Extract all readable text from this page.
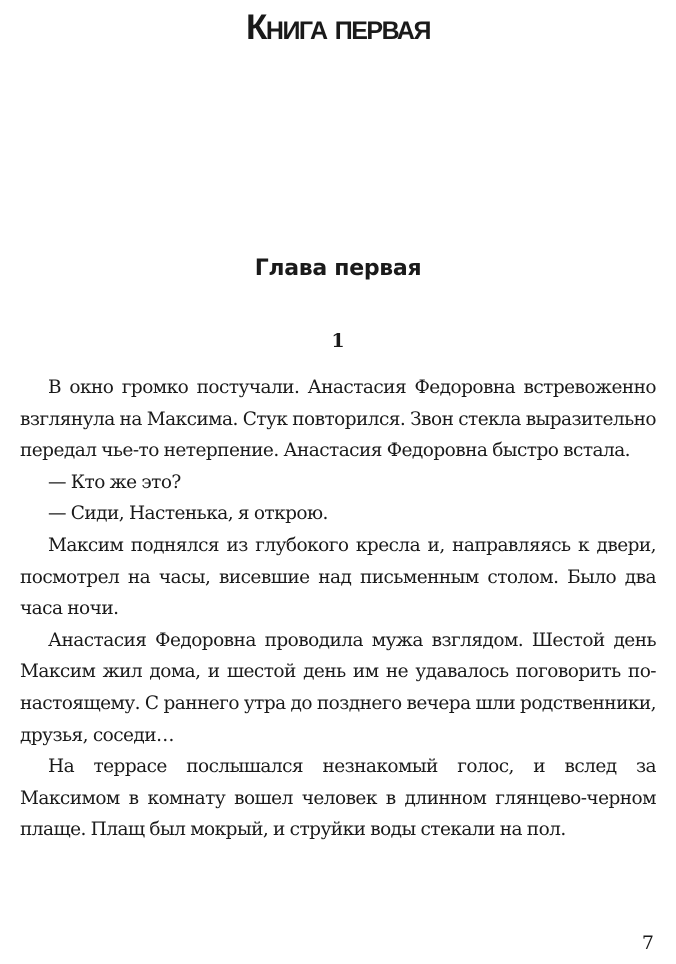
Книга первая
Глава первая
1

В окно громко постучали. Анастасия Федоровна встревоженно взглянула на Максима. Стук повторился. Звон стекла выразительно передал чье-то нетерпение. Анастасия Федоровна быстро встала.

— Кто же это?

— Сиди, Настенька, я открою.

Максим поднялся из глубокого кресла и, направляясь к двери, посмотрел на часы, висевшие над письменным столом. Было два часа ночи.

Анастасия Федоровна проводила мужа взглядом. Шестой день Максим жил дома, и шестой день им не удавалось поговорить по-настоящему. С раннего утра до позднего вечера шли родственники, друзья, соседи…

На террасе послышался незнакомый голос, и вслед за Максимом в комнату вошел человек в длинном глянцево-черном плаще. Плащ был мокрый, и струйки воды стекали на пол.

7
